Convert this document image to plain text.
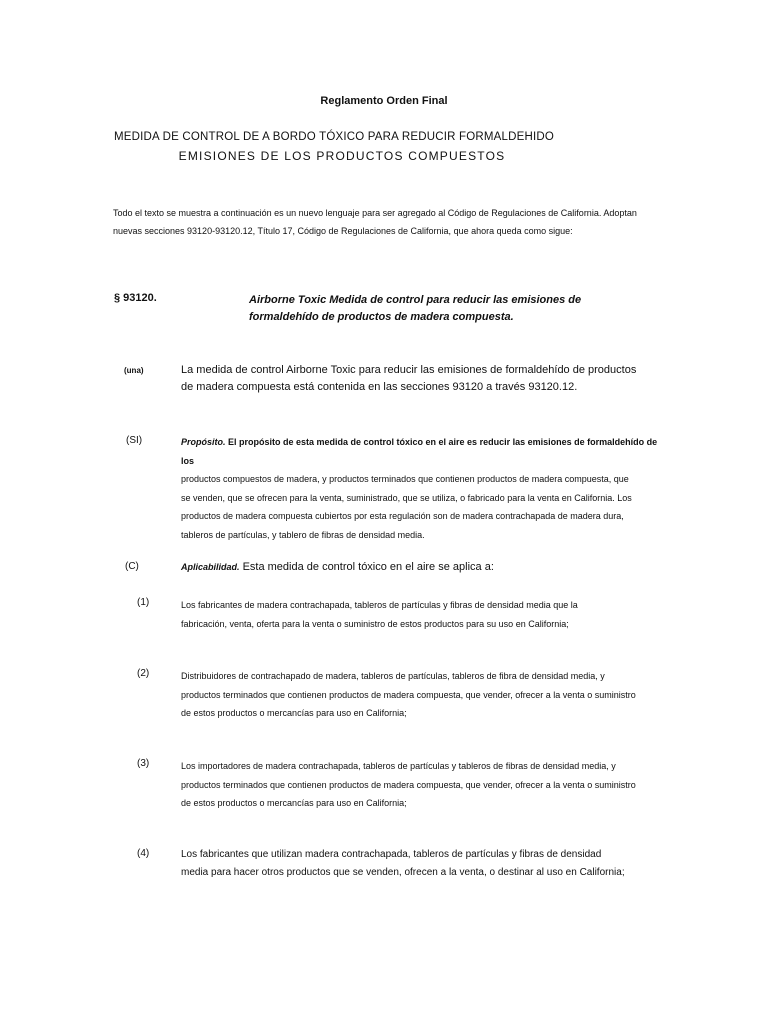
Reglamento Orden Final
MEDIDA DE CONTROL DE A BORDO TÓXICO PARA REDUCIR FORMALDEHIDO
EMISIONES DE LOS PRODUCTOS COMPUESTOS
Todo el texto se muestra a continuación es un nuevo lenguaje para ser agregado al Código de Regulaciones de California. Adoptan
nuevas secciones 93120-93120.12, Título 17, Código de Regulaciones de California, que ahora queda como sigue:
§ 93120.	Airborne Toxic Medida de control para reducir las emisiones de
formaldehído de productos de madera compuesta.
(una)	La medida de control Airborne Toxic para reducir las emisiones de formaldehído de productos
de madera compuesta está contenida en las secciones 93120 a través 93120.12.
(SI)	Propósito. El propósito de esta medida de control tóxico en el aire es reducir las emisiones de formaldehído de los
productos compuestos de madera, y productos terminados que contienen productos de madera compuesta, que
se venden, que se ofrecen para la venta, suministrado, que se utiliza, o fabricado para la venta en California. Los
productos de madera compuesta cubiertos por esta regulación son de madera contrachapada de madera dura,
tableros de partículas, y tablero de fibras de densidad media.
(C)	Aplicabilidad. Esta medida de control tóxico en el aire se aplica a:
(1)	Los fabricantes de madera contrachapada, tableros de partículas y fibras de densidad media que la
fabricación, venta, oferta para la venta o suministro de estos productos para su uso en California;
(2)	Distribuidores de contrachapado de madera, tableros de partículas, tableros de fibra de densidad media, y
productos terminados que contienen productos de madera compuesta, que vender, ofrecer a la venta o suministro
de estos productos o mercancías para uso en California;
(3)	Los importadores de madera contrachapada, tableros de partículas y tableros de fibras de densidad media, y
productos terminados que contienen productos de madera compuesta, que vender, ofrecer a la venta o suministro
de estos productos o mercancías para uso en California;
(4)	Los fabricantes que utilizan madera contrachapada, tableros de partículas y fibras de densidad
media para hacer otros productos que se venden, ofrecen a la venta, o destinar al uso en California;
